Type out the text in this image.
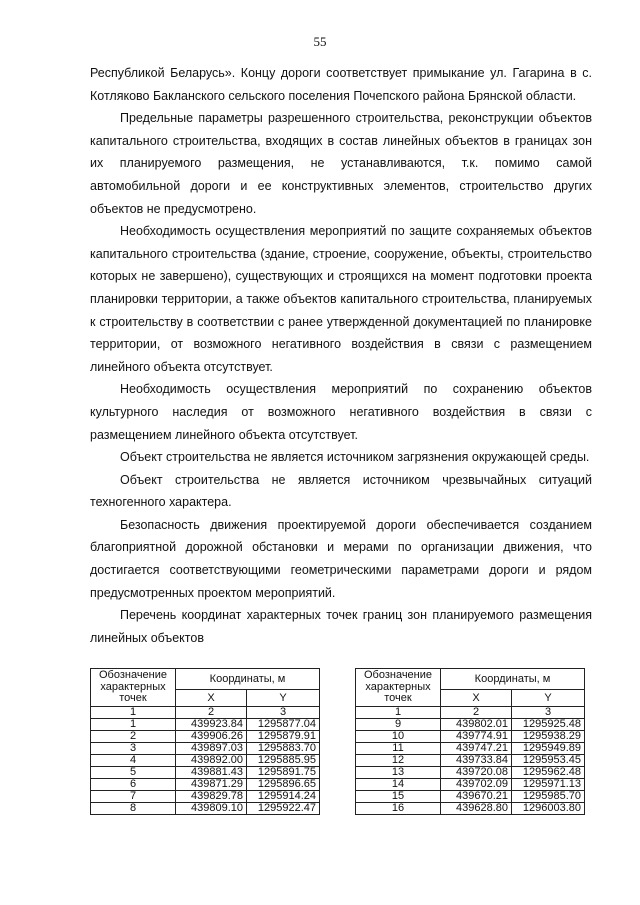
55

Республикой Беларусь». Концу дороги соответствует примыкание ул. Гагарина в с. Котляково Бакланского сельского поселения Почепского района Брянской области.

Предельные параметры разрешенного строительства, реконструкции объектов капитального строительства, входящих в состав линейных объектов в границах зон их планируемого размещения, не устанавливаются, т.к. помимо самой автомобильной дороги и ее конструктивных элементов, строительство других объектов не предусмотрено.

Необходимость осуществления мероприятий по защите сохраняемых объектов капитального строительства (здание, строение, сооружение, объекты, строительство которых не завершено), существующих и строящихся на момент подготовки проекта планировки территории, а также объектов капитального строительства, планируемых к строительству в соответствии с ранее утвержденной документацией по планировке территории, от возможного негативного воздействия в связи с размещением линейного объекта отсутствует.

Необходимость осуществления мероприятий по сохранению объектов культурного наследия от возможного негативного воздействия в связи с размещением линейного объекта отсутствует.

Объект строительства не является источником загрязнения окружающей среды.

Объект строительства не является источником чрезвычайных ситуаций техногенного характера.

Безопасность движения проектируемой дороги обеспечивается созданием благоприятной дорожной обстановки и мерами по организации движения, что достигается соответствующими геометрическими параметрами дороги и рядом предусмотренных проектом мероприятий.

Перечень координат характерных точек границ зон планируемого размещения линейных объектов

Обозначение характерных точек	Координаты, м	
	X	Y
1	2	3
1	439923.84	1295877.04
2	439906.26	1295879.91
3	439897.03	1295883.70
4	439892.00	1295885.95
5	439881.43	1295891.75
6	439871.29	1295896.65
7	439829.78	1295914.24
8	439809.10	1295922.47
Обозначение характерных точек	Координаты, м	
	X	Y
1	2	3
9	439802.01	1295925.48
10	439774.91	1295938.29
11	439747.21	1295949.89
12	439733.84	1295953.45
13	439720.08	1295962.48
14	439702.09	1295971.13
15	439670.21	1295985.70
16	439628.80	1296003.80
